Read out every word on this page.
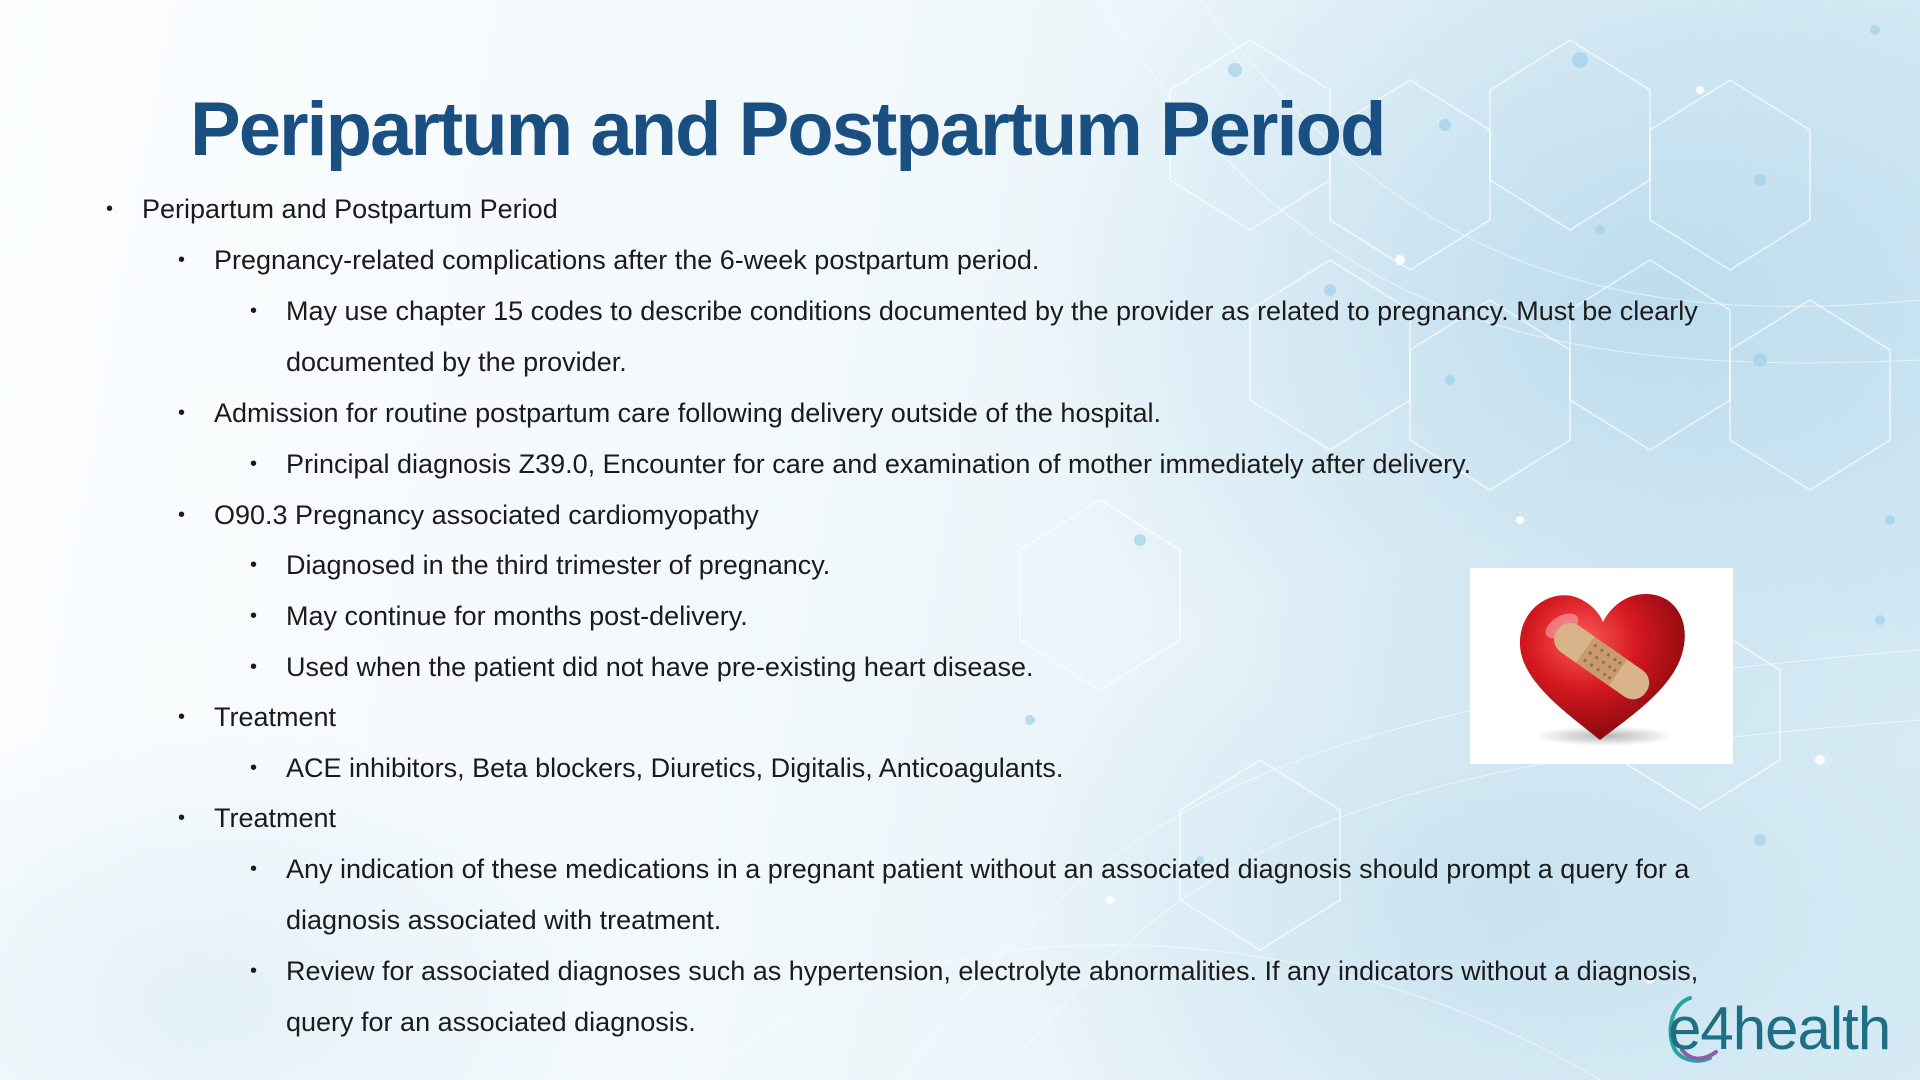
Peripartum and Postpartum Period
•	Peripartum and Postpartum Period
•	Pregnancy-related complications after the 6-week postpartum period.
•	May use chapter 15 codes to describe conditions documented by the provider as related to pregnancy. Must be clearly
documented by the provider.
•	Admission for routine postpartum care following delivery outside of the hospital.
•	Principal diagnosis Z39.0, Encounter for care and examination of mother immediately after delivery.
•	O90.3 Pregnancy associated cardiomyopathy
•	Diagnosed in the third trimester of pregnancy.
•	May continue for months post-delivery.
•	Used when the patient did not have pre-existing heart disease.
•	Treatment
•	ACE inhibitors, Beta blockers, Diuretics, Digitalis, Anticoagulants.
•	Treatment
•	Any indication of these medications in a pregnant patient without an associated diagnosis should prompt a query for a
diagnosis associated with treatment.
•	Review for associated diagnoses such as hypertension, electrolyte abnormalities. If any indicators without a diagnosis,
query for an associated diagnosis.	e4health
